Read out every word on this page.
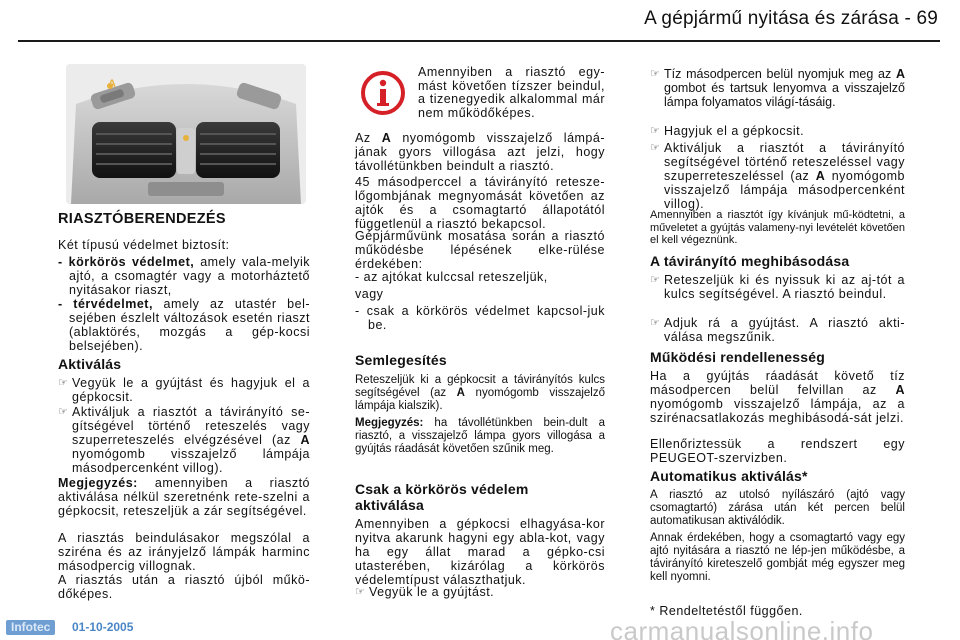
A gépjármű nyitása és zárása - 69
A
RIASZTÓBERENDEZÉS
Két típusú védelmet biztosít:
- körkörös védelmet, amely vala-melyik ajtó, a csomagtér vagy a motorháztető nyitásakor riaszt,
- térvédelmet, amely az utastér bel-sejében észlelt változások esetén riaszt (ablaktörés, mozgás a gép-kocsi belsejében).
Aktiválás
☞ Vegyük le a gyújtást és hagyjuk el a gépkocsit.
☞ Aktiváljuk a riasztót a távirányító se-gítségével történő reteszelés vagy szuperreteszelés elvégzésével (az A nyomógomb visszajelző lámpája másodpercenként villog).
Megjegyzés: amennyiben a riasztó aktiválása nélkül szeretnénk rete-szelni a gépkocsit, reteszeljük a zár segítségével.
A riasztás beindulásakor megszólal a sziréna és az irányjelző lámpák harminc másodpercig villognak.
A riasztás után a riasztó újból műkö-dőképes.
Amennyiben a riasztó egy-mást követően tízszer beindul, a tizenegyedik alkalommal már nem működőképes.
Az A nyomógomb visszajelző lámpá-jának gyors villogása azt jelzi, hogy távollétünkben beindult a riasztó.
45 másodperccel a távirányító retesze-lőgombjának megnyomását követően az ajtók és a csomagtartó állapotától függetlenül a riasztó bekapcsol.
Gépjárművünk mosatása során a riasztó működésbe lépésének elke-rülése érdekében:
- az ajtókat kulccsal reteszeljük,
vagy
- csak a körkörös védelmet kapcsol-juk be.
Semlegesítés
Reteszeljük ki a gépkocsit a távirányítós kulcs segítségével (az A nyomógomb visszajelző lámpája kialszik).
Megjegyzés: ha távollétünkben bein-dult a riasztó, a visszajelző lámpa gyors villogása a gyújtás ráadását követően szűnik meg.
Csak a körkörös védelem
aktiválása
Amennyiben a gépkocsi elhagyása-kor nyitva akarunk hagyni egy abla-kot, vagy ha egy állat marad a gépko-csi utasterében, kizárólag a körkörös védelemtípust választhatjuk.
☞ Vegyük le a gyújtást.
☞ Tíz másodpercen belül nyomjuk meg az A gombot és tartsuk lenyomva a visszajelző lámpa folyamatos világí-tásáig.
☞ Hagyjuk el a gépkocsit.
☞ Aktiváljuk a riasztót a távirányító segítségével történő reteszeléssel vagy szuperreteszeléssel (az A nyomógomb visszajelző lámpája másodpercenként villog).
Amennyiben a riasztót így kívánjuk mű-ködtetni, a műveletet a gyújtás valameny-nyi levételét követően el kell végeznünk.
A távirányító meghibásodása
☞ Reteszeljük ki és nyissuk ki az aj-tót a kulcs segítségével. A riasztó beindul.
☞ Adjuk rá a gyújtást. A riasztó akti-válása megszűnik.
Működési rendellenesség
Ha a gyújtás ráadását követő tíz másodpercen belül felvillan az A nyomógomb visszajelző lámpája, az a szirénacsatlakozás meghibásodá-sát jelzi.
Ellenőriztessük a rendszert egy PEUGEOT-szervizben.
Automatikus aktiválás*
A riasztó az utolsó nyílászáró (ajtó vagy csomagtartó) zárása után két percen belül automatikusan aktiválódik.
Annak érdekében, hogy a csomagtartó vagy egy ajtó nyitására a riasztó ne lép-jen működésbe, a távirányító kireteszelő gombját még egyszer meg kell nyomni.
* Rendeltetéstől függően.
Infotec	01-10-2005	carmanualsonline.info
